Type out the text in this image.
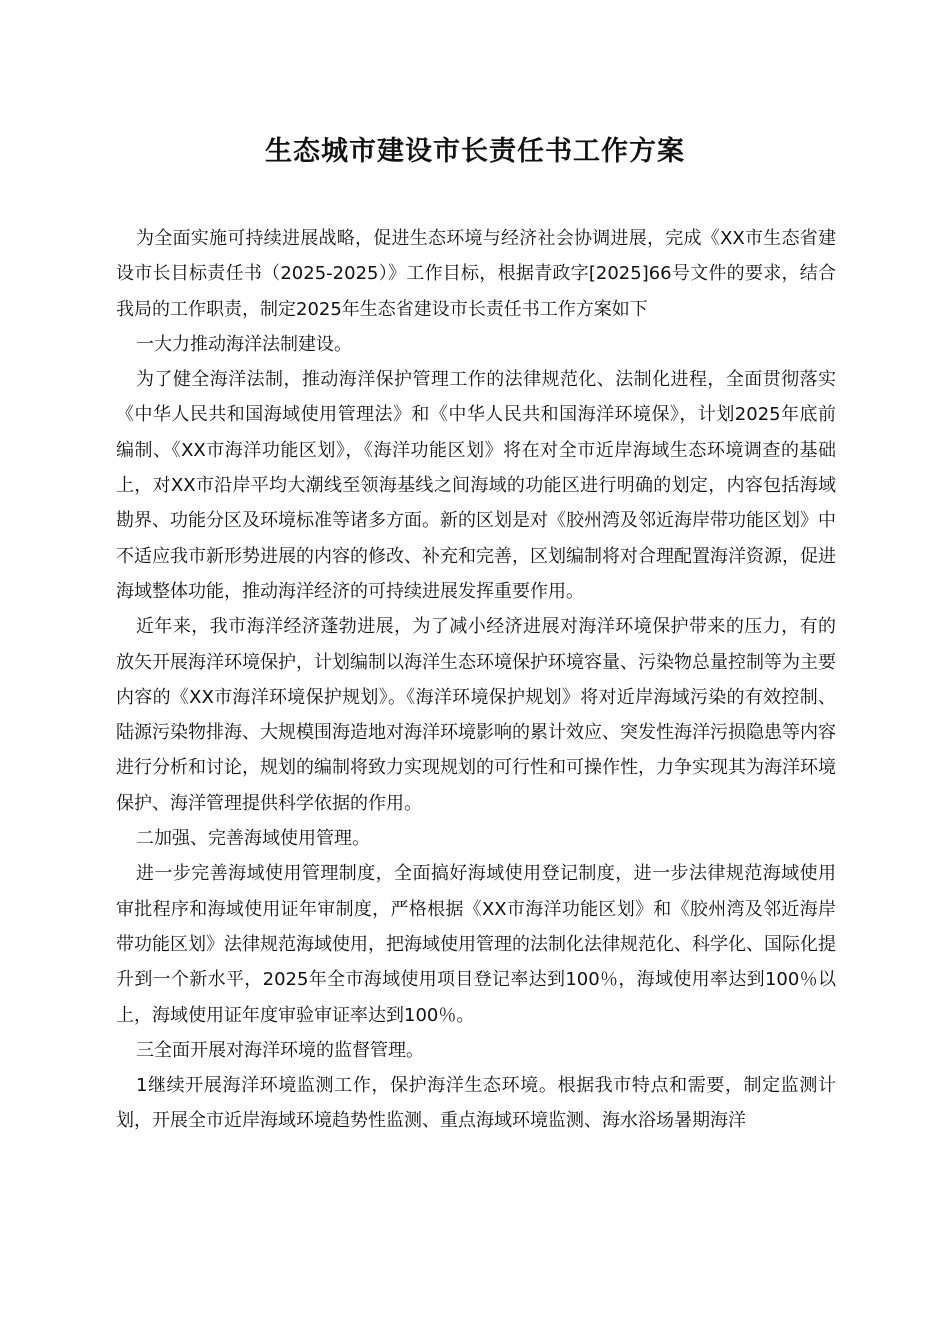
生态城市建设市长责任书工作方案

为全面实施可持续进展战略，促进生态环境与经济社会协调进展，完成《XX市生态省建设市长目标责任书（2025-2025）》工作目标，根据青政字[2025]66号文件的要求，结合我局的工作职责，制定2025年生态省建设市长责任书工作方案如下

一大力推动海洋法制建设。

为了健全海洋法制，推动海洋保护管理工作的法律规范化、法制化进程，全面贯彻落实《中华人民共和国海域使用管理法》和《中华人民共和国海洋环境保》，计划2025年底前编制、《XX市海洋功能区划》，《海洋功能区划》将在对全市近岸海域生态环境调查的基础上，对XX市沿岸平均大潮线至领海基线之间海域的功能区进行明确的划定，内容包括海域勘界、功能分区及环境标准等诸多方面。新的区划是对《胶州湾及邻近海岸带功能区划》中不适应我市新形势进展的内容的修改、补充和完善，区划编制将对合理配置海洋资源，促进海域整体功能，推动海洋经济的可持续进展发挥重要作用。

近年来，我市海洋经济蓬勃进展，为了减小经济进展对海洋环境保护带来的压力，有的放矢开展海洋环境保护，计划编制以海洋生态环境保护环境容量、污染物总量控制等为主要内容的《XX市海洋环境保护规划》。《海洋环境保护规划》将对近岸海域污染的有效控制、陆源污染物排海、大规模围海造地对海洋环境影响的累计效应、突发性海洋污损隐患等内容进行分析和讨论，规划的编制将致力实现规划的可行性和可操作性，力争实现其为海洋环境保护、海洋管理提供科学依据的作用。

二加强、完善海域使用管理。

进一步完善海域使用管理制度，全面搞好海域使用登记制度，进一步法律规范海域使用审批程序和海域使用证年审制度，严格根据《XX市海洋功能区划》和《胶州湾及邻近海岸带功能区划》法律规范海域使用，把海域使用管理的法制化法律规范化、科学化、国际化提升到一个新水平，2025年全市海域使用项目登记率达到100％，海域使用率达到100％以上，海域使用证年度审验审证率达到100％。

三全面开展对海洋环境的监督管理。

1继续开展海洋环境监测工作，保护海洋生态环境。根据我市特点和需要，制定监测计划，开展全市近岸海域环境趋势性监测、重点海域环境监测、海水浴场暑期海洋
